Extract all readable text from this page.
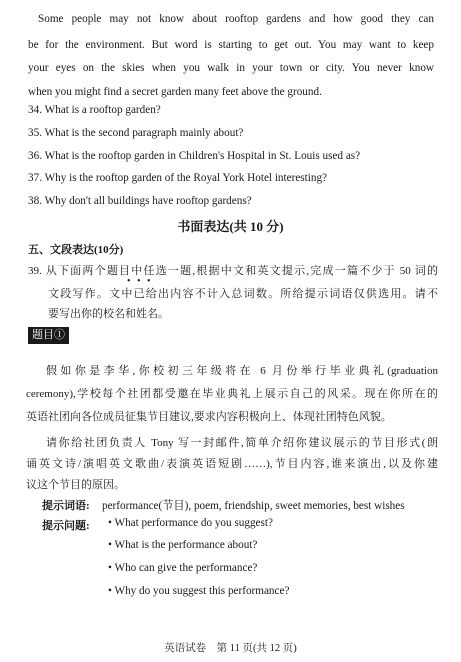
Some people may not know about rooftop gardens and how good they can
be for the environment. But word is starting to get out. You may want to keep
your eyes on the skies when you walk in your town or city. You never know
when you might find a secret garden many feet above the ground.
34. What is a rooftop garden?
35. What is the second paragraph mainly about?
36. What is the rooftop garden in Children's Hospital in St. Louis used as?
37. Why is the rooftop garden of the Royal York Hotel interesting?
38. Why don't all buildings have rooftop gardens?
书面表达(共 10 分)
五、文段表达(10分)
39. 从下面两个题目中任选一题,根据中文和英文提示,完成一篇不少于 50 词的
• • •
文段写作。文中已给出内容不计入总词数。所给提示词语仅供选用。请不
要写出你的校名和姓名。
题目①
假如你是李华,你校初三年级将在 6 月份举行毕业典礼(graduation
ceremony),学校每个社团都受邀在毕业典礼上展示自己的风采。现在你所在的
英语社团向各位成员征集节目建议,要求内容积极向上、体现社团特色风貌。
请你给社团负责人 Tony 写一封邮件,简单介绍你建议展示的节目形式(朗
诵英文诗/演唱英文歌曲/表演英语短剧……),节目内容,谁来演出,以及你建
议这个节目的原因。
提示词语: performance(节目), poem, friendship, sweet memories, best wishes
提示问题: • What performance do you suggest?
• What is the performance about?
• Who can give the performance?
• Why do you suggest this performance?
英语试卷    第 11 页(共 12 页)
